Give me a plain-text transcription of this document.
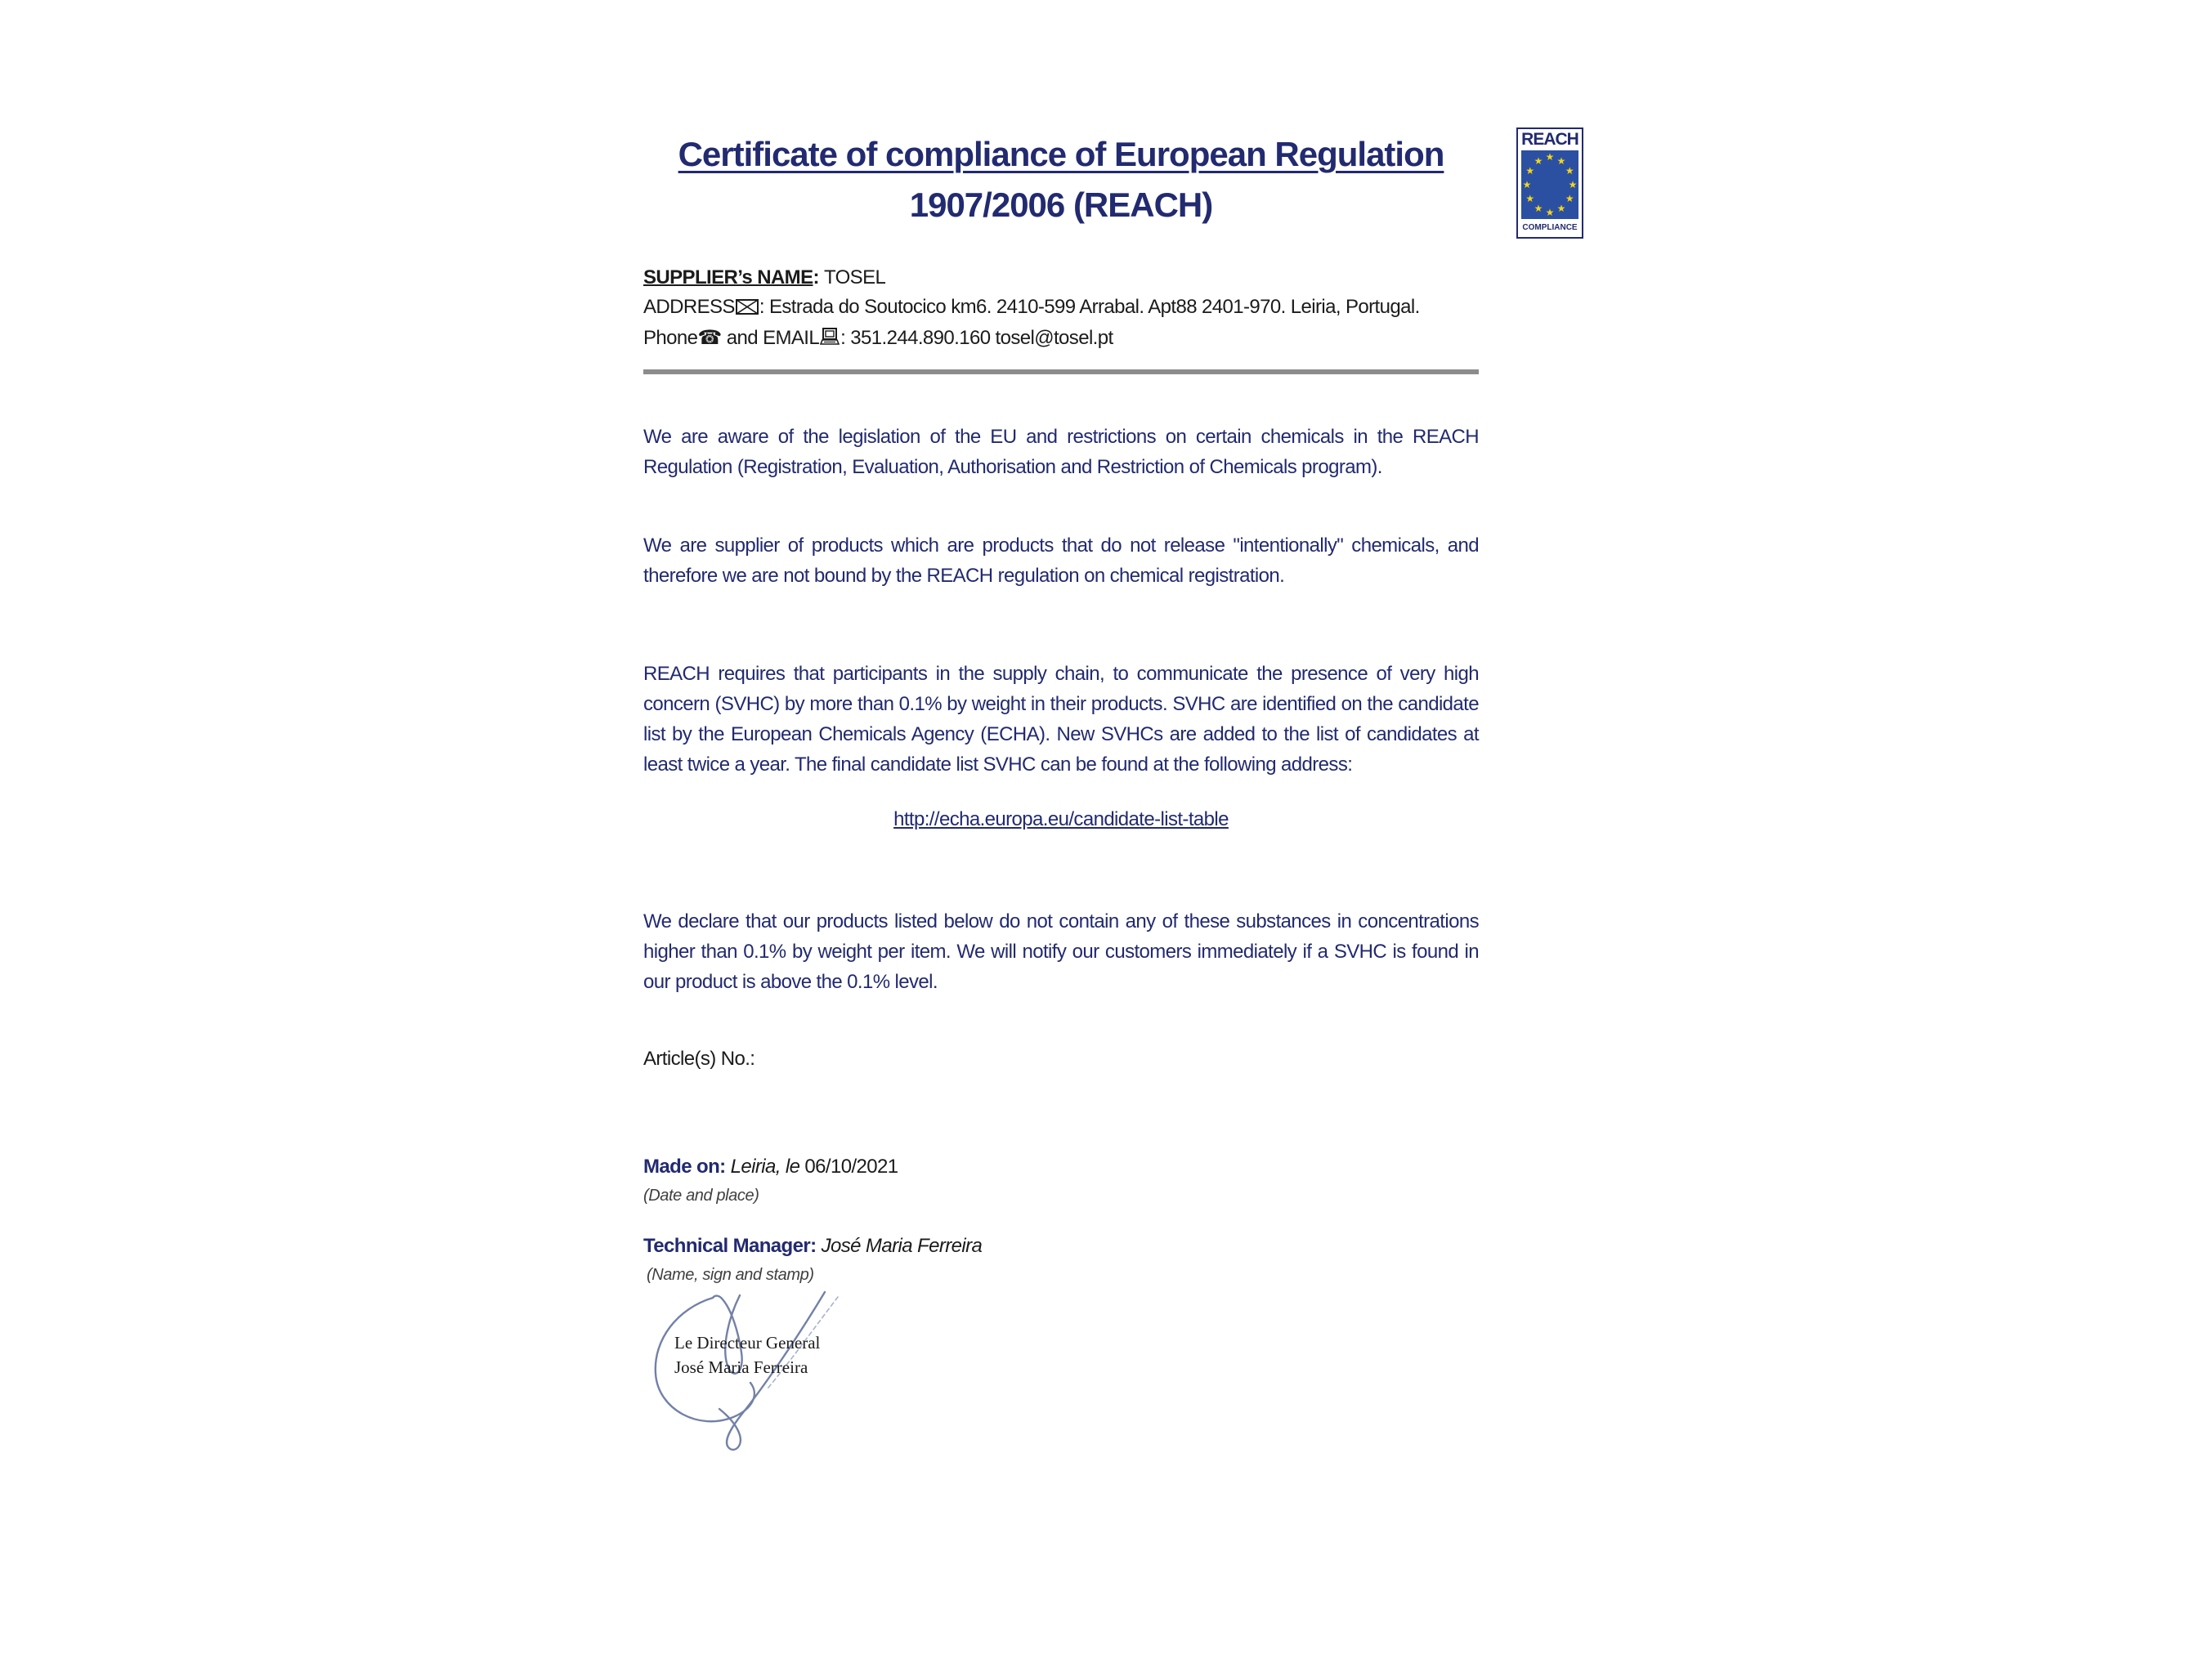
REACH
★ ★
★
★
★
★
★
★
★
★
★
★
COMPLIANCE
Certificate of compliance of European Regulation
1907/2006 (REACH)

SUPPLIER’s NAME: TOSEL

ADDRESS : Estrada do Soutocico km6. 2410-599 Arrabal. Apt88 2401-970. Leiria, Portugal.

Phone☎ and EMAIL : 351.244.890.160 tosel@tosel.pt

We are aware of the legislation of the EU and restrictions on certain chemicals in the REACH Regulation (Registration, Evaluation, Authorisation and Restriction of Chemicals program).

We are supplier of products which are products that do not release "intentionally" chemicals, and therefore we are not bound by the REACH regulation on chemical registration.

REACH requires that participants in the supply chain, to communicate the presence of very high concern (SVHC) by more than 0.1% by weight in their products. SVHC are identified on the candidate list by the European Chemicals Agency (ECHA). New SVHCs are added to the list of candidates at least twice a year. The final candidate list SVHC can be found at the following address:

http://echa.europa.eu/candidate-list-table

We declare that our products listed below do not contain any of these substances in concentrations higher than 0.1% by weight per item. We will notify our customers immediately if a SVHC is found in our product is above the 0.1% level.

Article(s) No.:

Made on: Leiria, le 06/10/2021

(Date and place)

Technical Manager: José Maria Ferreira

(Name, sign and stamp)

Le Directeur General
José Maria Ferreira
